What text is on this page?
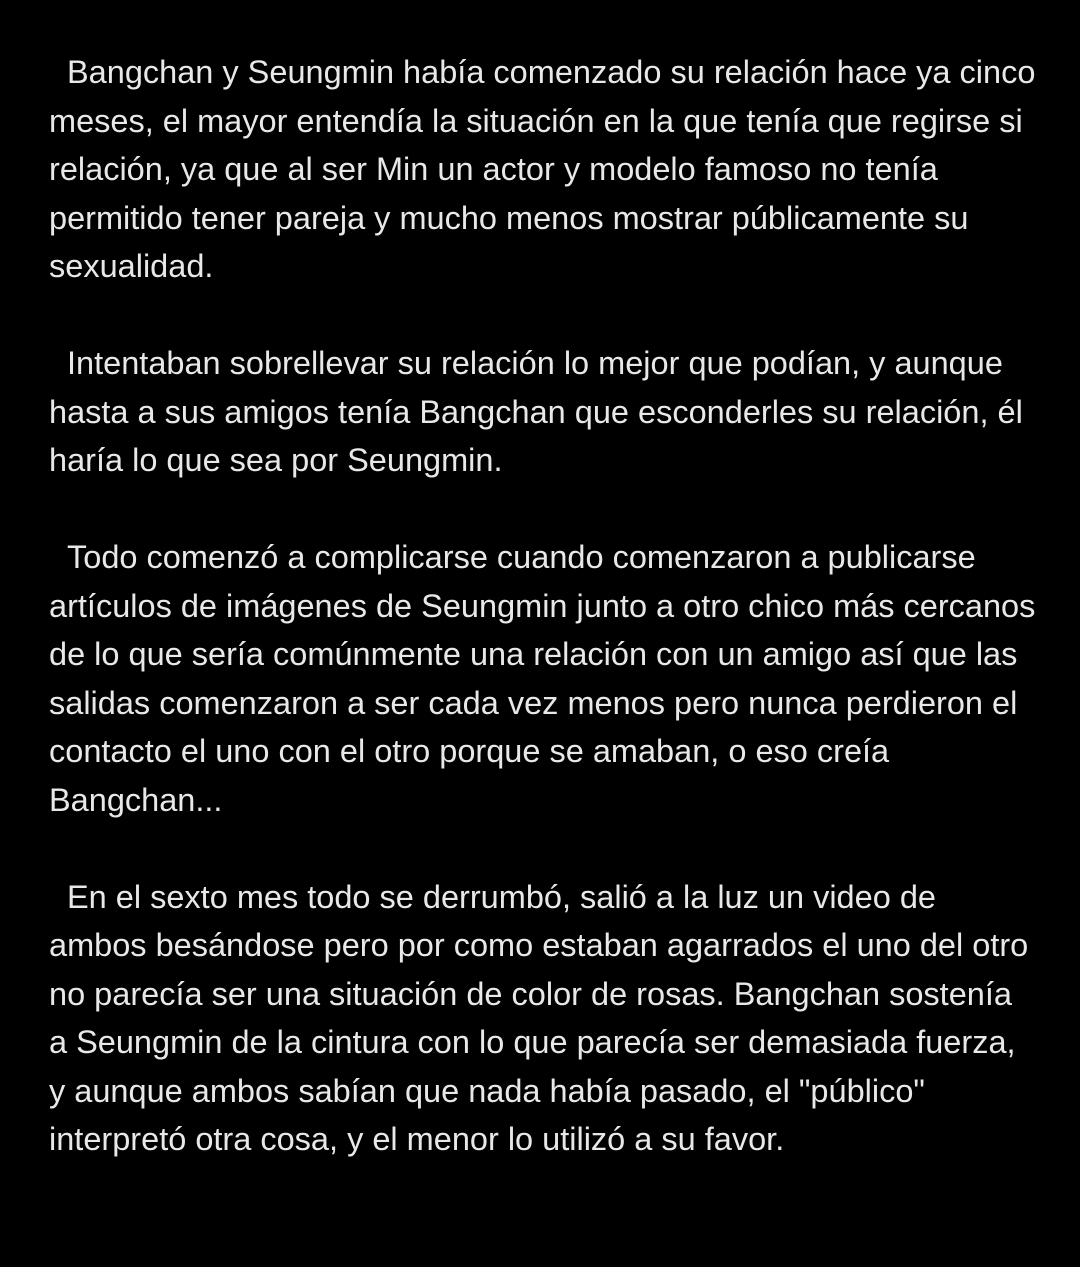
Bangchan y Seungmin había comenzado su relación hace ya cinco meses, el mayor entendía la situación en la que tenía que regirse si relación, ya que al ser Min un actor y modelo famoso no tenía permitido tener pareja y mucho menos mostrar públicamente su sexualidad.

Intentaban sobrellevar su relación lo mejor que podían, y aunque hasta a sus amigos tenía Bangchan que esconderles su relación, él haría lo que sea por Seungmin.

Todo comenzó a complicarse cuando comenzaron a publicarse artículos de imágenes de Seungmin junto a otro chico más cercanos de lo que sería comúnmente una relación con un amigo así que las salidas comenzaron a ser cada vez menos pero nunca perdieron el contacto el uno con el otro porque se amaban, o eso creía Bangchan...

En el sexto mes todo se derrumbó, salió a la luz un video de ambos besándose pero por como estaban agarrados el uno del otro no parecía ser una situación de color de rosas. Bangchan sostenía a Seungmin de la cintura con lo que parecía ser demasiada fuerza, y aunque ambos sabían que nada había pasado, el "público" interpretó otra cosa, y el menor lo utilizó a su favor.
